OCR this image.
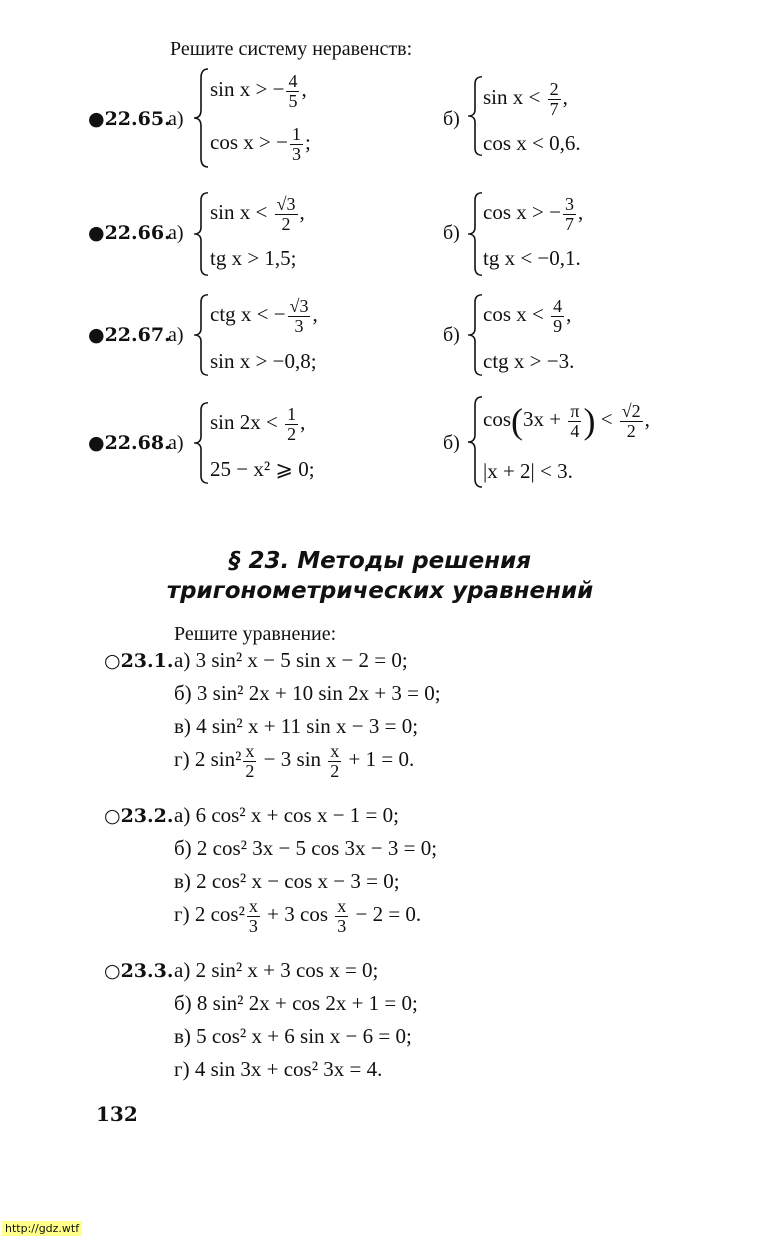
Решите систему неравенств:
●22.65.
а)
sin x > − $\frac{4}{5}$ ,
cos x > − $\frac{1}{3}$ ;
б)
$\sin x < \frac{2}{7}$ ,
cos x < 0,6.
●22.66.
а)
$\sin x < \frac{√3}{2}$ ,
tg x > 1,5;
б)
cos x > − $\frac{3}{7}$ ,
tg x < −0,1.
●22.67.
а)
ctg x < − $\frac{√3}{3}$ ,
sin x > −0,8;
б)
$\cos x < \frac{4}{9}$ ,
ctg x > −3.
●22.68.
а)
$\sin 2x < \frac{1}{2}$ ,
25 − x² ⩾ 0;
б)
$\cos(3x + \frac{\pi}{4}$ ) < $\frac{√2}{2}$ ,
|x + 2| < 3.
§ 23. Методы решения
тригонометрических уравнений
Решите уравнение:
○23.1. а) 3 sin² x − 5 sin x − 2 = 0;
б) 3 sin² 2x + 10 sin 2x + 3 = 0;
в) 4 sin² x + 11 sin x − 3 = 0;
г) 2 $\sin^2 \frac{x}{2} - 3$ $\sin \frac{x}{2} + 1 = 0$.
○23.2. а) 6 cos² x + cos x − 1 = 0;
б) 2 cos² 3x − 5 cos 3x − 3 = 0;
в) 2 cos² x − cos x − 3 = 0;
г) 2 $\cos^2 \frac{x}{3} + 3$ $\cos \frac{x}{3} - 2 = 0$.
○23.3. а) 2 sin² x + 3 cos x = 0;
б) 8 sin² 2x + cos 2x + 1 = 0;
в) 5 cos² x + 6 sin x − 6 = 0;
г) 4 sin 3x + cos² 3x = 4.
132
http://gdz.wtf
